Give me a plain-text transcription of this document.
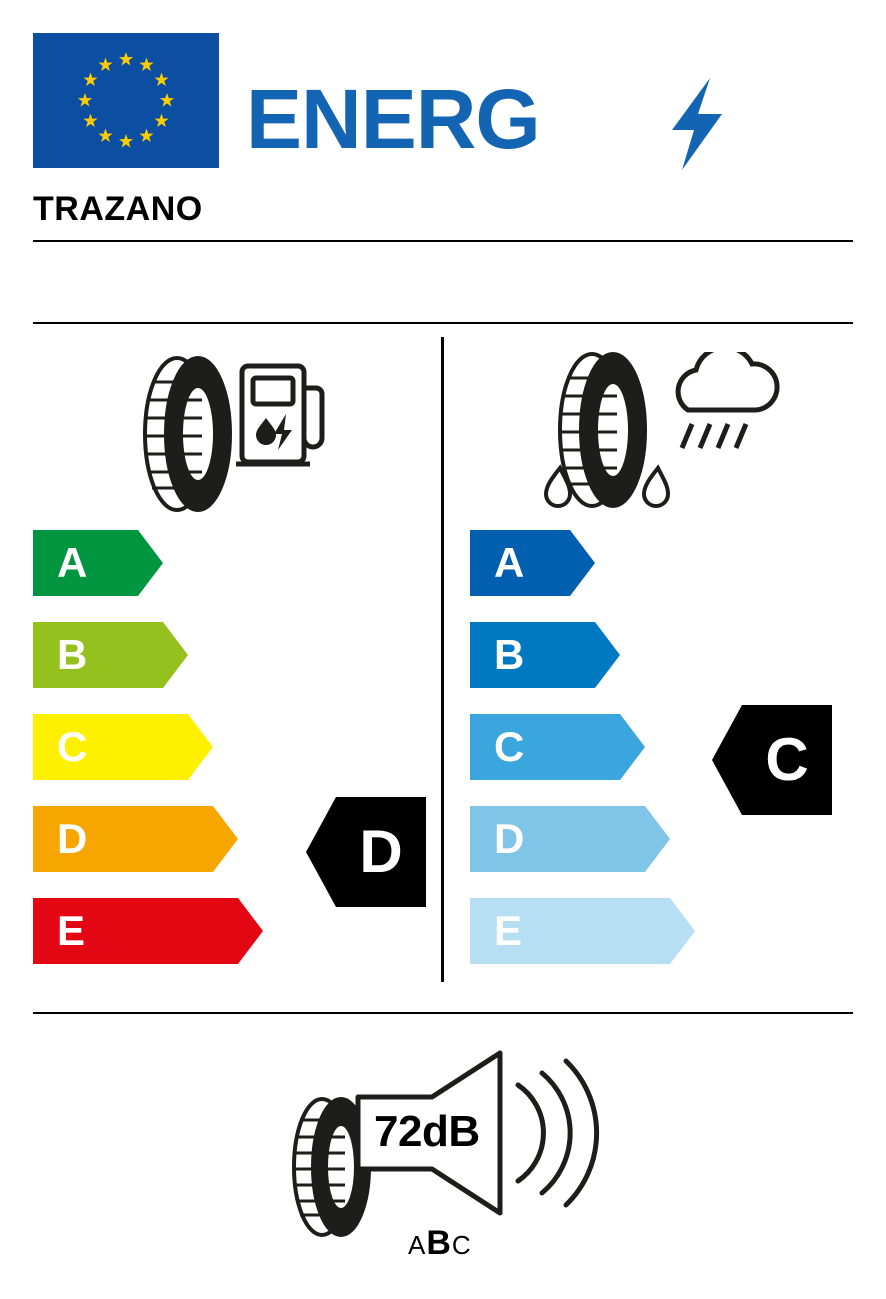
ENERG
TRAZANO
A
B
C
D
E
D
A
B
C
D
E
C
72dB
ABC
